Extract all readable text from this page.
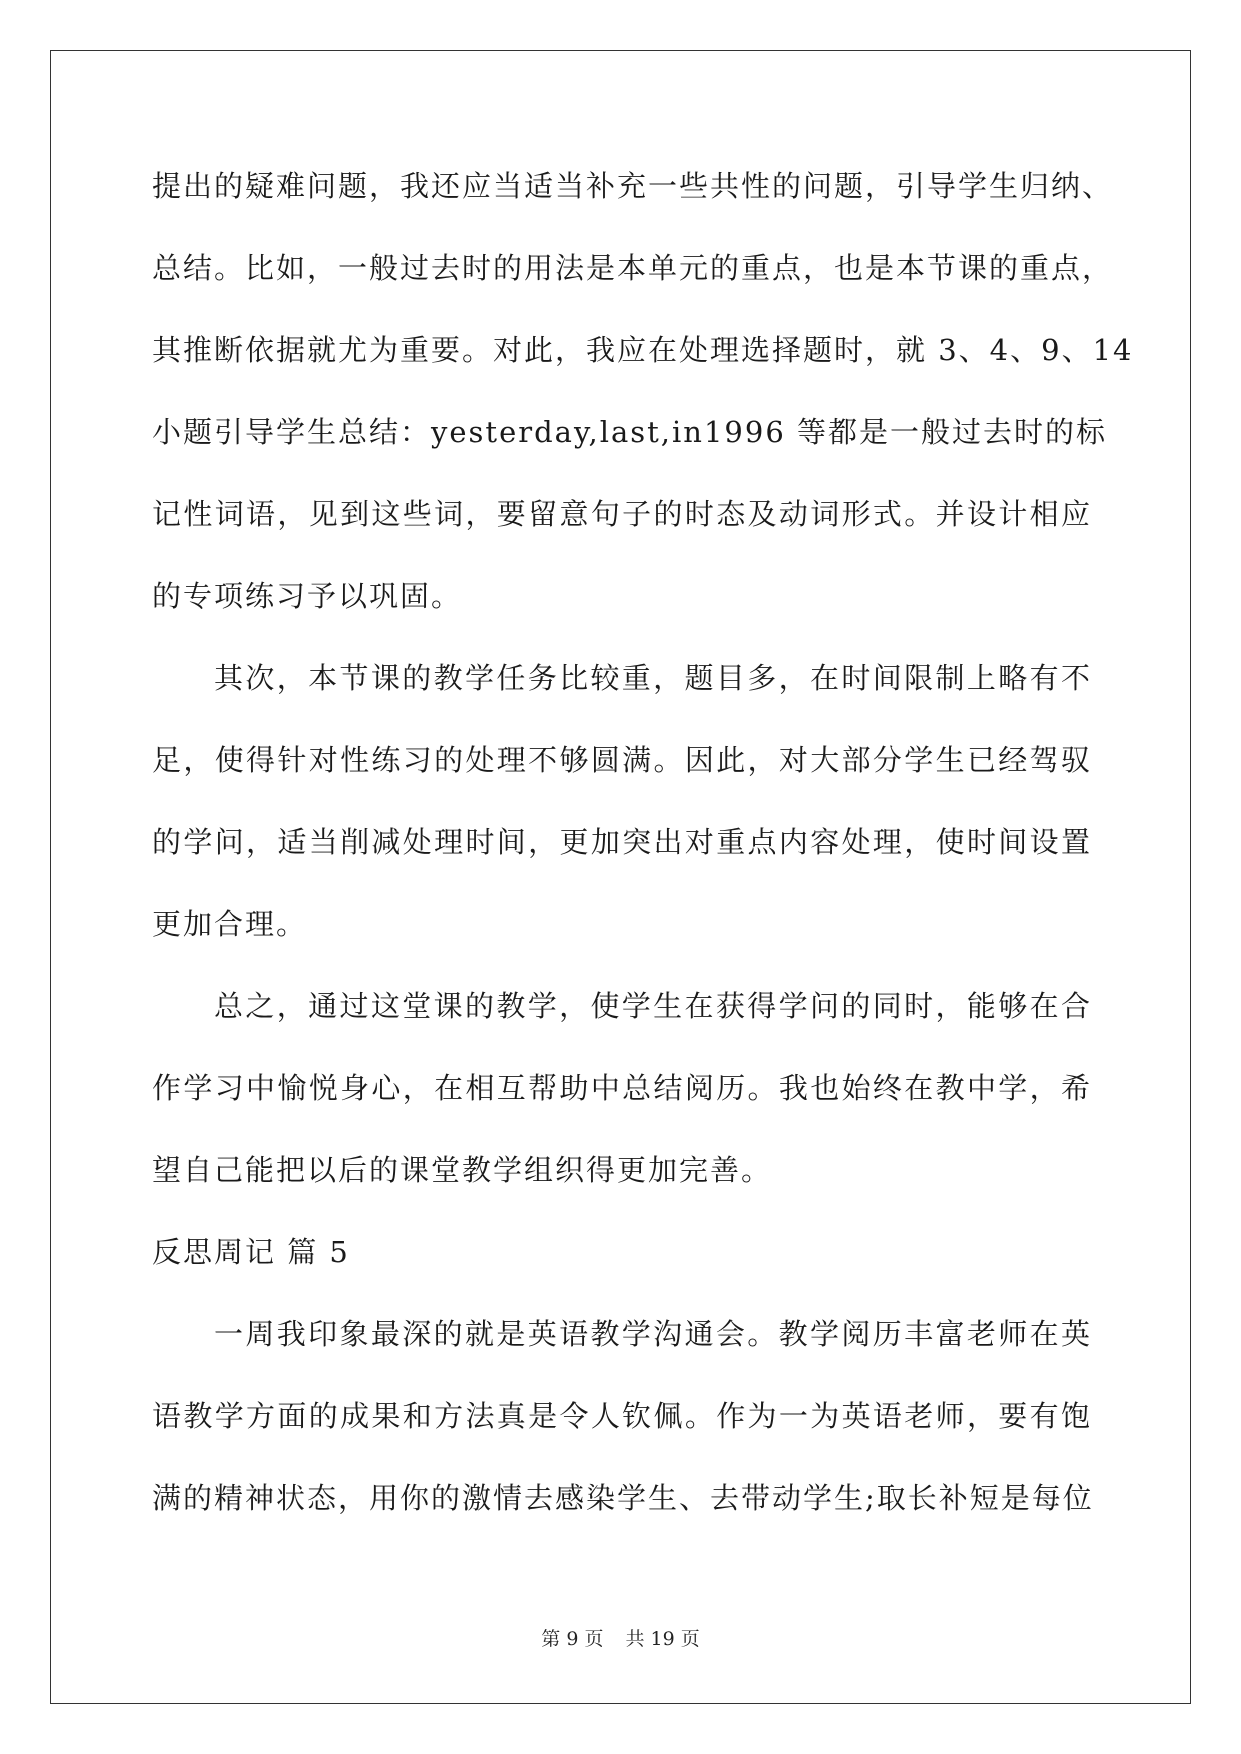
提出的疑难问题，我还应当适当补充一些共性的问题，引导学生归纳、
总结。比如，一般过去时的用法是本单元的重点，也是本节课的重点，
其推断依据就尤为重要。对此，我应在处理选择题时，就 3、4、9、14
小题引导学生总结：yesterday,last,in1996 等都是一般过去时的标
记性词语，见到这些词，要留意句子的时态及动词形式。并设计相应
的专项练习予以巩固。
其次，本节课的教学任务比较重，题目多，在时间限制上略有不
足，使得针对性练习的处理不够圆满。因此，对大部分学生已经驾驭
的学问，适当削减处理时间，更加突出对重点内容处理，使时间设置
更加合理。
总之，通过这堂课的教学，使学生在获得学问的同时，能够在合
作学习中愉悦身心，在相互帮助中总结阅历。我也始终在教中学，希
望自己能把以后的课堂教学组织得更加完善。
反思周记 篇 5
一周我印象最深的就是英语教学沟通会。教学阅历丰富老师在英
语教学方面的成果和方法真是令人钦佩。作为一为英语老师，要有饱
满的精神状态，用你的激情去感染学生、去带动学生;取长补短是每位
第 9 页 共 19 页
